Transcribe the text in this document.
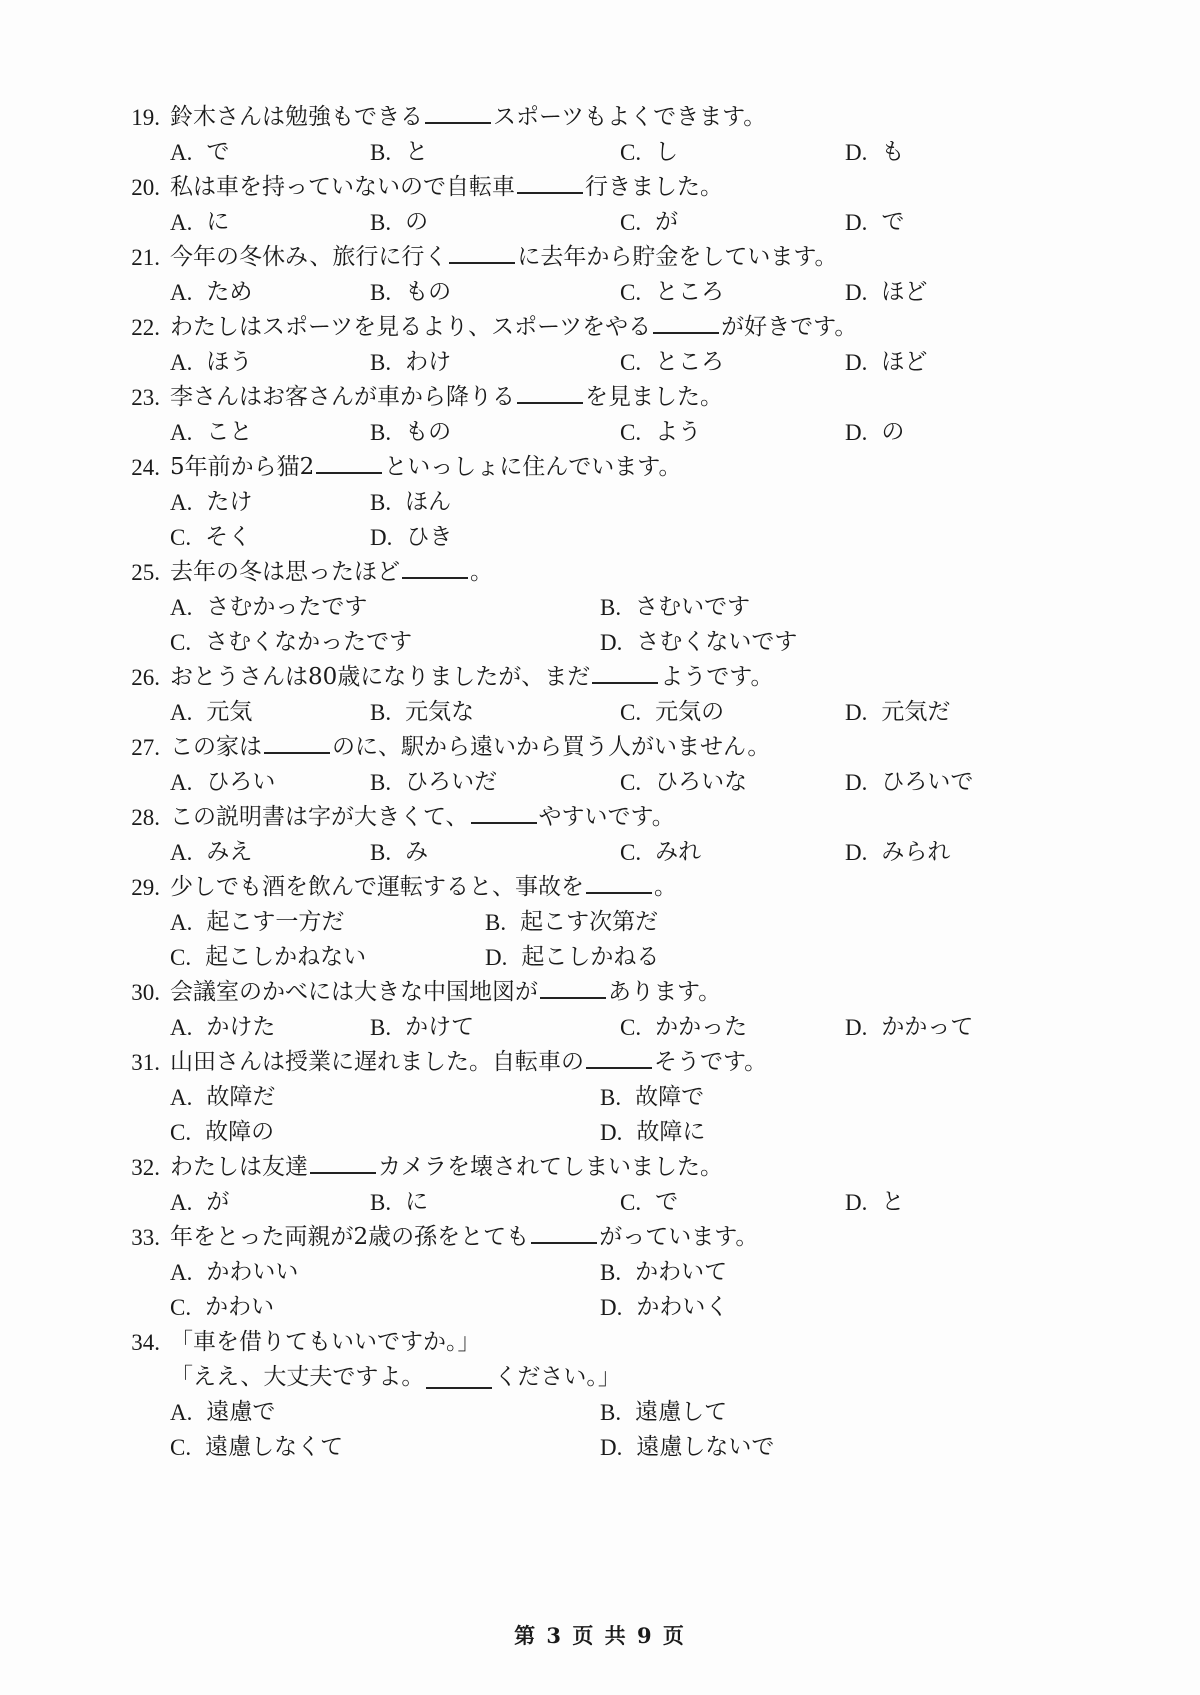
19. 鈴木さんは勉強もできる	スポーツもよくできます。
A. で	B. と	C. し	D. も
20. 私は車を持っていないので自転車	行きました。
A. に	B. の	C. が	D. で
21. 今年の冬休み、旅行に行く	に去年から貯金をしています。
A. ため	B. もの	C. ところ	D. ほど
22. わたしはスポーツを見るより、スポーツをやる	が好きです。
A. ほう	B. わけ	C. ところ	D. ほど
23. 李さんはお客さんが車から降りる	を見ました。
A. こと	B. もの	C. よう	D. の
24. 5年前から猫2	といっしょに住んでいます。
A. たけ	B. ほん
C. そく	D. ひき
25. 去年の冬は思ったほど	。
A. さむかったです	B. さむいです
C. さむくなかったです	D. さむくないです
26. おとうさんは80歳になりましたが、まだ	ようです。
A. 元気	B. 元気な	C. 元気の	D. 元気だ
27. この家は	のに、駅から遠いから買う人がいません。
A. ひろい	B. ひろいだ	C. ひろいな	D. ひろいで
28. この説明書は字が大きくて、	やすいです。
A. みえ	B. み	C. みれ	D. みられ
29. 少しでも酒を飲んで運転すると、事故を	。
A. 起こす一方だ	B. 起こす次第だ
C. 起こしかねない	D. 起こしかねる
30. 会議室のかべには大きな中国地図が	あります。
A. かけた	B. かけて	C. かかった	D. かかって
31. 山田さんは授業に遅れました。自転車の	そうです。
A. 故障だ	B. 故障で
C. 故障の	D. 故障に
32. わたしは友達	カメラを壊されてしまいました。
A. が	B. に	C. で	D. と
33. 年をとった両親が2歳の孫をとても	がっています。
A. かわいい	B. かわいて
C. かわい	D. かわいく
34. 「車を借りてもいいですか。」
「ええ、大丈夫ですよ。	ください。」
A. 遠慮で	B. 遠慮して
C. 遠慮しなくて	D. 遠慮しないで
第 3 页 共 9 页
